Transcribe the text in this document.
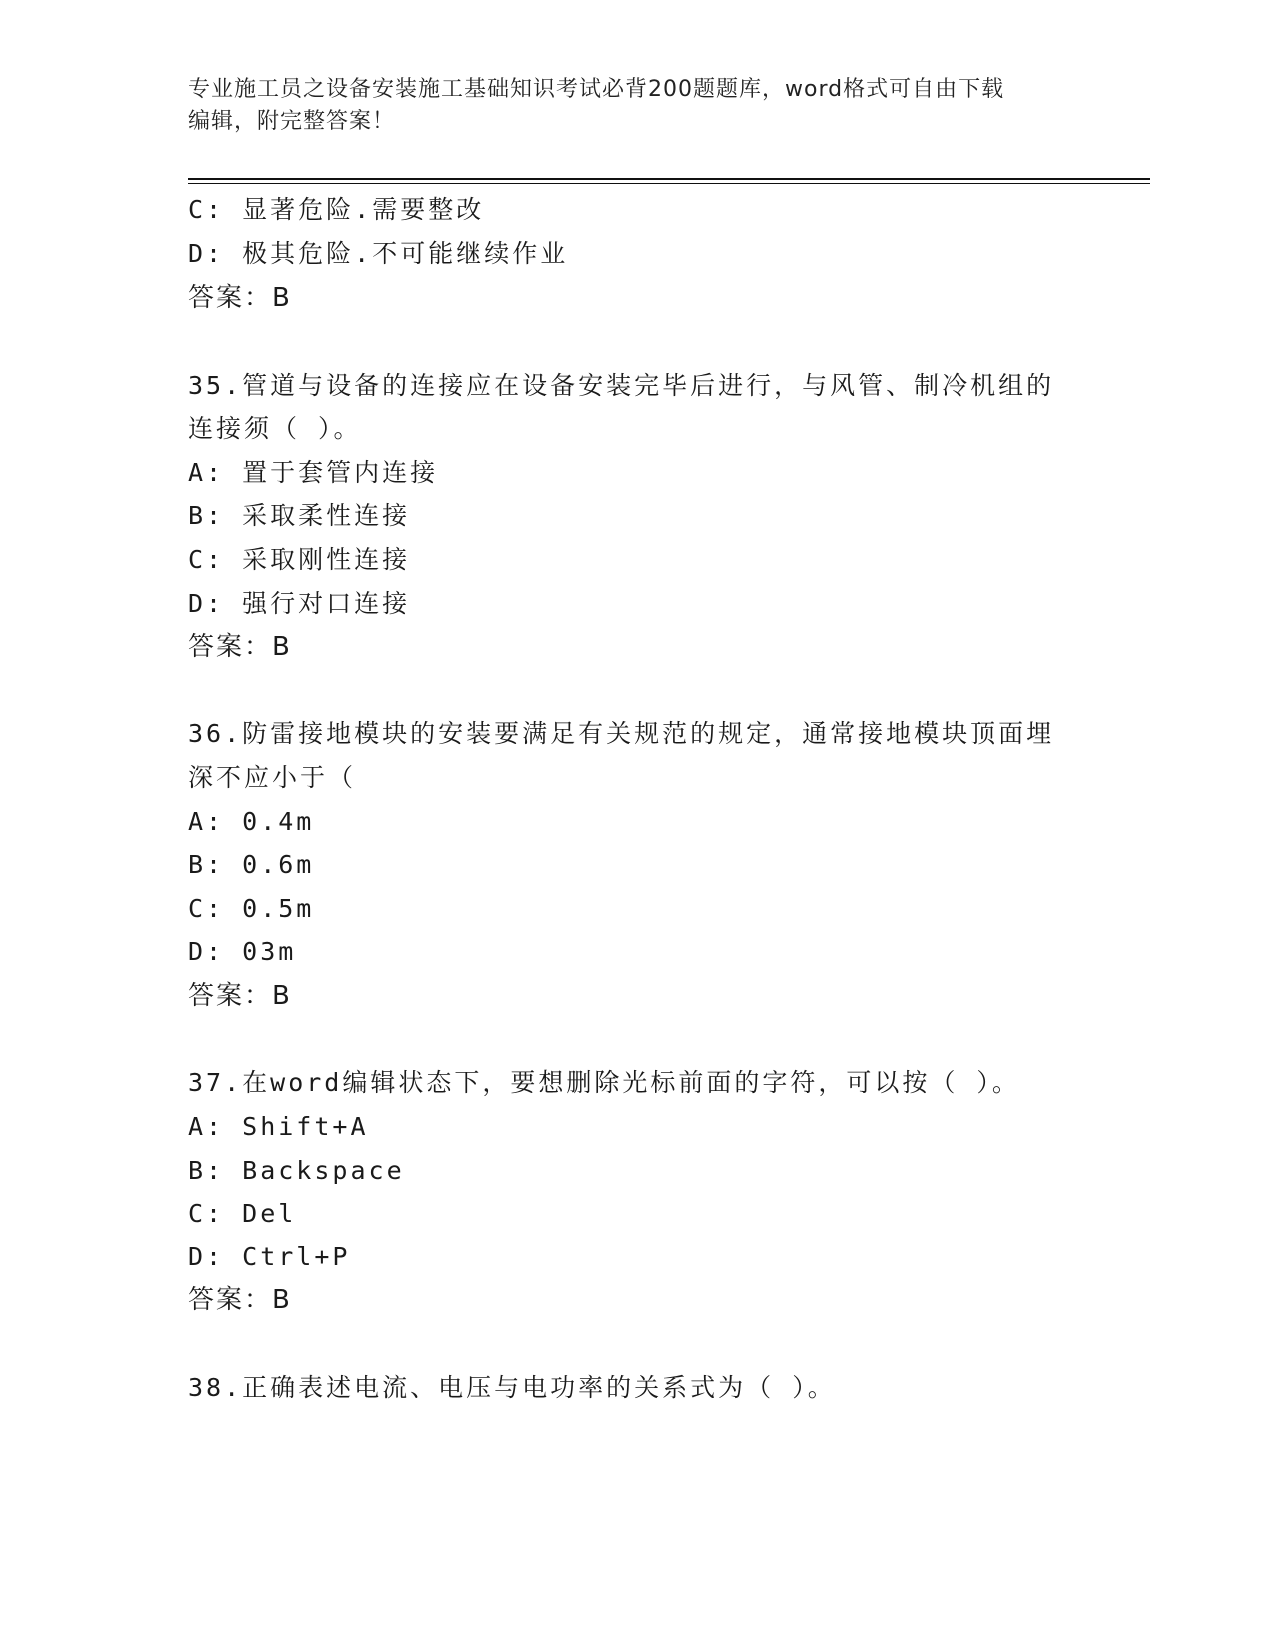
专业施工员之设备安装施工基础知识考试必背200题题库，word格式可自由下载
编辑，附完整答案！
C: 显著危险.需要整改
D: 极其危险.不可能继续作业
答案：B
35.管道与设备的连接应在设备安装完毕后进行，与风管、制冷机组的
连接须（ ）。
A: 置于套管内连接
B: 采取柔性连接
C: 采取刚性连接
D: 强行对口连接
答案：B
36.防雷接地模块的安装要满足有关规范的规定，通常接地模块顶面埋
深不应小于（
A: 0.4m
B: 0.6m
C: 0.5m
D: 03m
答案：B
37.在word编辑状态下，要想删除光标前面的字符，可以按（ ）。
A: Shift+A
B: Backspace
C: Del
D: Ctrl+P
答案：B
38.正确表述电流、电压与电功率的关系式为（ ）。
